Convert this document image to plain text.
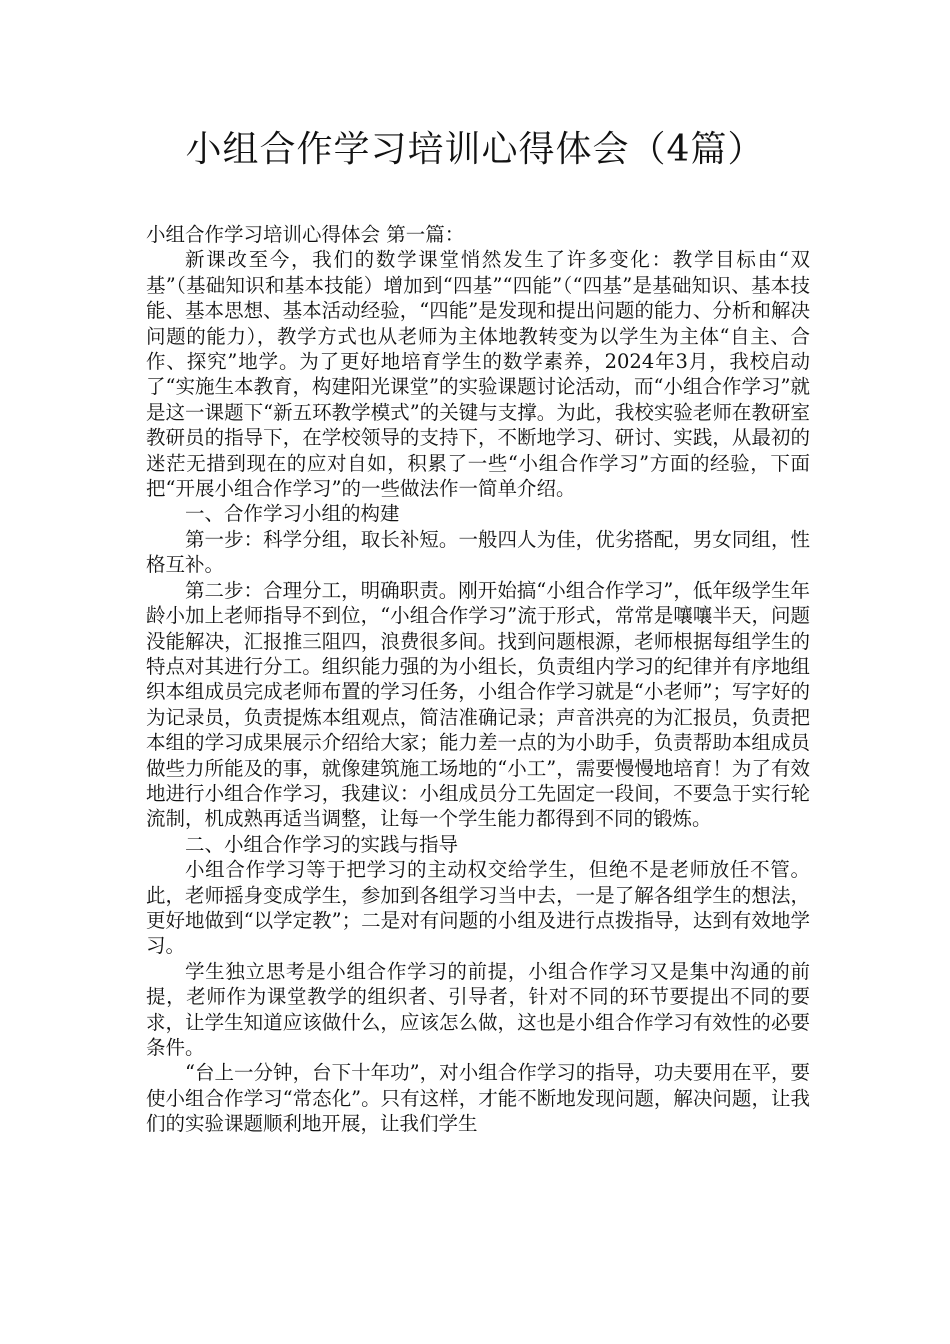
小组合作学习培训心得体会（4篇）

小组合作学习培训心得体会 第一篇：

新课改至今，我们的数学课堂悄然发生了许多变化：教学目标由“双基”（基础知识和基本技能）增加到“四基”“四能”（“四基”是基础知识、基本技能、基本思想、基本活动经验，“四能”是发现和提出问题的能力、分析和解决问题的能力），教学方式也从老师为主体地教转变为以学生为主体“自主、合作、探究”地学。为了更好地培育学生的数学素养，2024年3月，我校启动了“实施生本教育，构建阳光课堂”的实验课题讨论活动，而“小组合作学习”就是这一课题下“新五环教学模式”的关键与支撑。为此，我校实验老师在教研室教研员的指导下，在学校领导的支持下，不断地学习、研讨、实践，从最初的迷茫无措到现在的应对自如，积累了一些“小组合作学习”方面的经验，下面把“开展小组合作学习”的一些做法作一简单介绍。

一、合作学习小组的构建

第一步：科学分组，取长补短。一般四人为佳，优劣搭配，男女同组，性格互补。

第二步：合理分工，明确职责。刚开始搞“小组合作学习”，低年级学生年龄小加上老师指导不到位，“小组合作学习”流于形式，常常是嚷嚷半天，问题没能解决，汇报推三阻四，浪费很多间。找到问题根源，老师根据每组学生的特点对其进行分工。组织能力强的为小组长，负责组内学习的纪律并有序地组织本组成员完成老师布置的学习任务，小组合作学习就是“小老师”；写字好的为记录员，负责提炼本组观点，简洁准确记录；声音洪亮的为汇报员，负责把本组的学习成果展示介绍给大家；能力差一点的为小助手，负责帮助本组成员做些力所能及的事，就像建筑施工场地的“小工”，需要慢慢地培育！为了有效地进行小组合作学习，我建议：小组成员分工先固定一段间，不要急于实行轮流制，机成熟再适当调整，让每一个学生能力都得到不同的锻炼。

二、小组合作学习的实践与指导

小组合作学习等于把学习的主动权交给学生，但绝不是老师放任不管。此，老师摇身变成学生，参加到各组学习当中去，一是了解各组学生的想法，更好地做到“以学定教”；二是对有问题的小组及进行点拨指导，达到有效地学习。

学生独立思考是小组合作学习的前提，小组合作学习又是集中沟通的前提，老师作为课堂教学的组织者、引导者，针对不同的环节要提出不同的要求，让学生知道应该做什么，应该怎么做，这也是小组合作学习有效性的必要条件。

“台上一分钟，台下十年功”，对小组合作学习的指导，功夫要用在平，要使小组合作学习“常态化”。只有这样，才能不断地发现问题，解决问题，让我们的实验课题顺利地开展，让我们学生
